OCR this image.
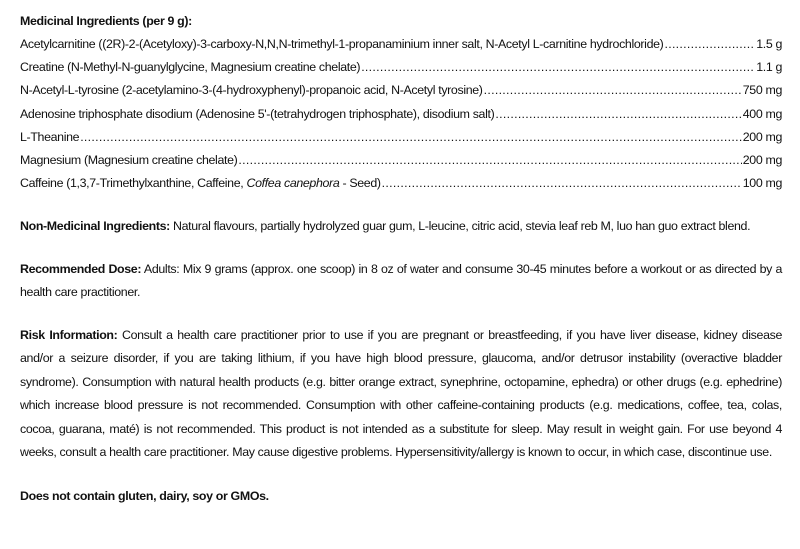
Medicinal Ingredients (per 9 g):
Acetylcarnitine ((2R)-2-(Acetyloxy)-3-carboxy-N,N,N-trimethyl-1-propanaminium inner salt, N-Acetyl L-carnitine hydrochloride) .....	1.5 g
Creatine (N-Methyl-N-guanylglycine, Magnesium creatine chelate) .....	1.1 g
N-Acetyl-L-tyrosine (2-acetylamino-3-(4-hydroxyphenyl)-propanoic acid, N-Acetyl tyrosine) .....	750 mg
Adenosine triphosphate disodium (Adenosine 5'-(tetrahydrogen triphosphate), disodium salt) .....	400 mg
L-Theanine .....	200 mg
Magnesium (Magnesium creatine chelate) .....	200 mg
Caffeine (1,3,7-Trimethylxanthine, Caffeine, Coffea canephora - Seed) .....	100 mg
Non-Medicinal Ingredients: Natural flavours, partially hydrolyzed guar gum, L-leucine, citric acid, stevia leaf reb M, luo han guo extract blend.
Recommended Dose: Adults: Mix 9 grams (approx. one scoop) in 8 oz of water and consume 30-45 minutes before a workout or as directed by a health care practitioner.
Risk Information: Consult a health care practitioner prior to use if you are pregnant or breastfeeding, if you have liver disease, kidney disease and/or a seizure disorder, if you are taking lithium, if you have high blood pressure, glaucoma, and/or detrusor instability (overactive bladder syndrome). Consumption with natural health products (e.g. bitter orange extract, synephrine, octopamine, ephedra) or other drugs (e.g. ephedrine) which increase blood pressure is not recommended. Consumption with other caffeine-containing products (e.g. medications, coffee, tea, colas, cocoa, guarana, maté) is not recommended. This product is not intended as a substitute for sleep. May result in weight gain. For use beyond 4 weeks, consult a health care practitioner. May cause digestive problems. Hypersensitivity/allergy is known to occur, in which case, discontinue use.
Does not contain gluten, dairy, soy or GMOs.
